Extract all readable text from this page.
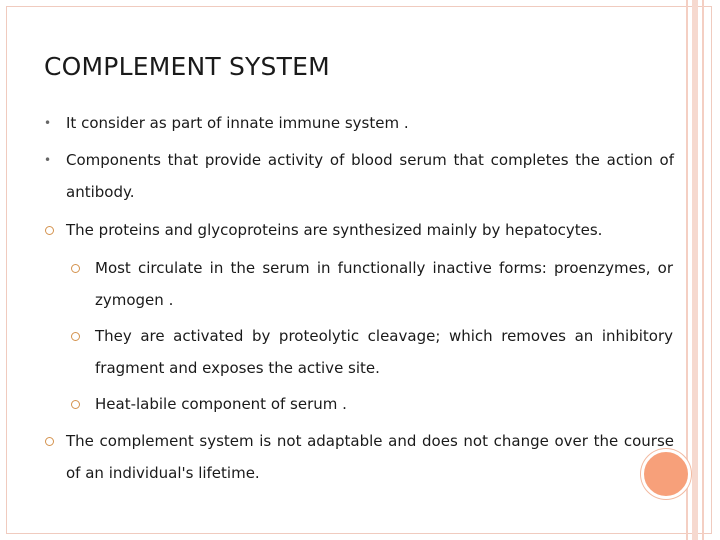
COMPLEMENT SYSTEM
• It consider as part of innate immune system .
• Components that provide activity of blood serum that completes the action of antibody.
The proteins and glycoproteins are synthesized mainly by hepatocytes.
Most circulate in the serum in functionally inactive forms: proenzymes, or zymogen .
They are activated by proteolytic cleavage; which removes an inhibitory fragment and exposes the active site.
Heat-labile component of serum .
The complement system is not adaptable and does not change over the course of an individual's lifetime.
